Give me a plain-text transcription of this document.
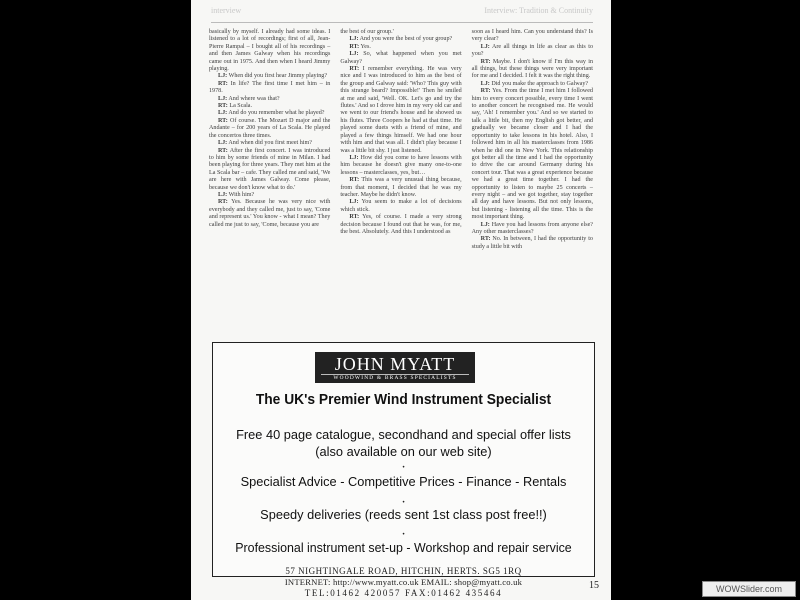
interview	Interview: Tradition & Continuity

basically by myself. I already had some ideas. I listened to a lot of recordings; first of all, Jean-Pierre Rampal – I bought all of his recordings – and then James Galway when his recordings came out in 1975. And then when I heard Jimmy playing.

LJ: When did you first hear Jimmy playing?

RT: In life? The first time I met him – in 1978.

LJ: And where was that?

RT: La Scala.

LJ: And do you remember what he played?

RT: Of course. The Mozart D major and the Andante – for 200 years of La Scala. He played the concertos three times.

LJ: And when did you first meet him?

RT: After the first concert. I was introduced to him by some friends of mine in Milan. I had been playing for three years. They met him at the La Scala bar – cafe. They called me and said, 'We are here with James Galway. Come please, because we don't know what to do.'

LJ: With him?

RT: Yes. Because he was very nice with everybody and they called me, just to say, 'Come and represent us.' You know - what I mean? They called me just to say, 'Come, because you are

the best of our group.'

LJ: And you were the best of your group?

RT: Yes.

LJ: So, what happened when you met Galway?

RT: I remember everything. He was very nice and I was introduced to him as the best of the group and Galway said: 'Who? This guy with this strange beard? Impossible!' Then he smiled at me and said, 'Well. OK. Let's go and try the flutes.' And so I drove him in my very old car and we went to our friend's house and he showed us his flutes. Three Coopers he had at that time. He played some duets with a friend of mine, and played a few things himself. We had one hour with him and that was all. I didn't play because I was a little bit shy. I just listened.

LJ: How did you come to have lessons with him because he doesn't give many one-to-one lessons – masterclasses, yes, but…

RT: This was a very unusual thing because, from that moment, I decided that he was my teacher. Maybe he didn't know.

LJ: You seem to make a lot of decisions which stick.

RT: Yes, of course. I made a very strong decision because I found out that he was, for me, the best. Absolutely. And this I understood as

soon as I heard him. Can you understand this? Is very clear?

LJ: Are all things in life as clear as this to you?

RT: Maybe. I don't know if I'm this way in all things, but these things were very important for me and I decided. I felt it was the right thing.

LJ: Did you make the approach to Galway?

RT: Yes. From the time I met him I followed him to every concert possible, every time I went to another concert he recognised me. He would say, 'Ah! I remember you.' And so we started to talk a little bit, then my English got better, and gradually we became closer and I had the opportunity to take lessons in his hotel. Also, I followed him in all his masterclasses from 1986 when he did one in New York. This relationship got better all the time and I had the opportunity to drive the car around Germany during his concert tour. That was a great experience because we had a great time together. I had the opportunity to listen to maybe 25 concerts – every night – and we got together, stay together all day and have lessons. But not only lessons, but listening - listening all the time. This is the most important thing.

LJ: Have you had lessons from anyone else? Any other masterclasses?

RT: No. In between, I had the opportunity to study a little bit with

JOHN MYATT
WOODWIND & BRASS SPECIALISTS
The UK's Premier Wind Instrument Specialist
Free 40 page catalogue, secondhand and special offer lists
(also available on our web site)
•
Specialist Advice - Competitive Prices - Finance - Rentals
•
Speedy deliveries (reeds sent 1st class post free!!)
•
Professional instrument set-up - Workshop and repair service
57 NIGHTINGALE ROAD, HITCHIN, HERTS. SG5 1RQ
INTERNET: http://www.myatt.co.uk EMAIL: shop@myatt.co.uk
TEL:01462 420057 FAX:01462 435464
15	WOWSlider.com
